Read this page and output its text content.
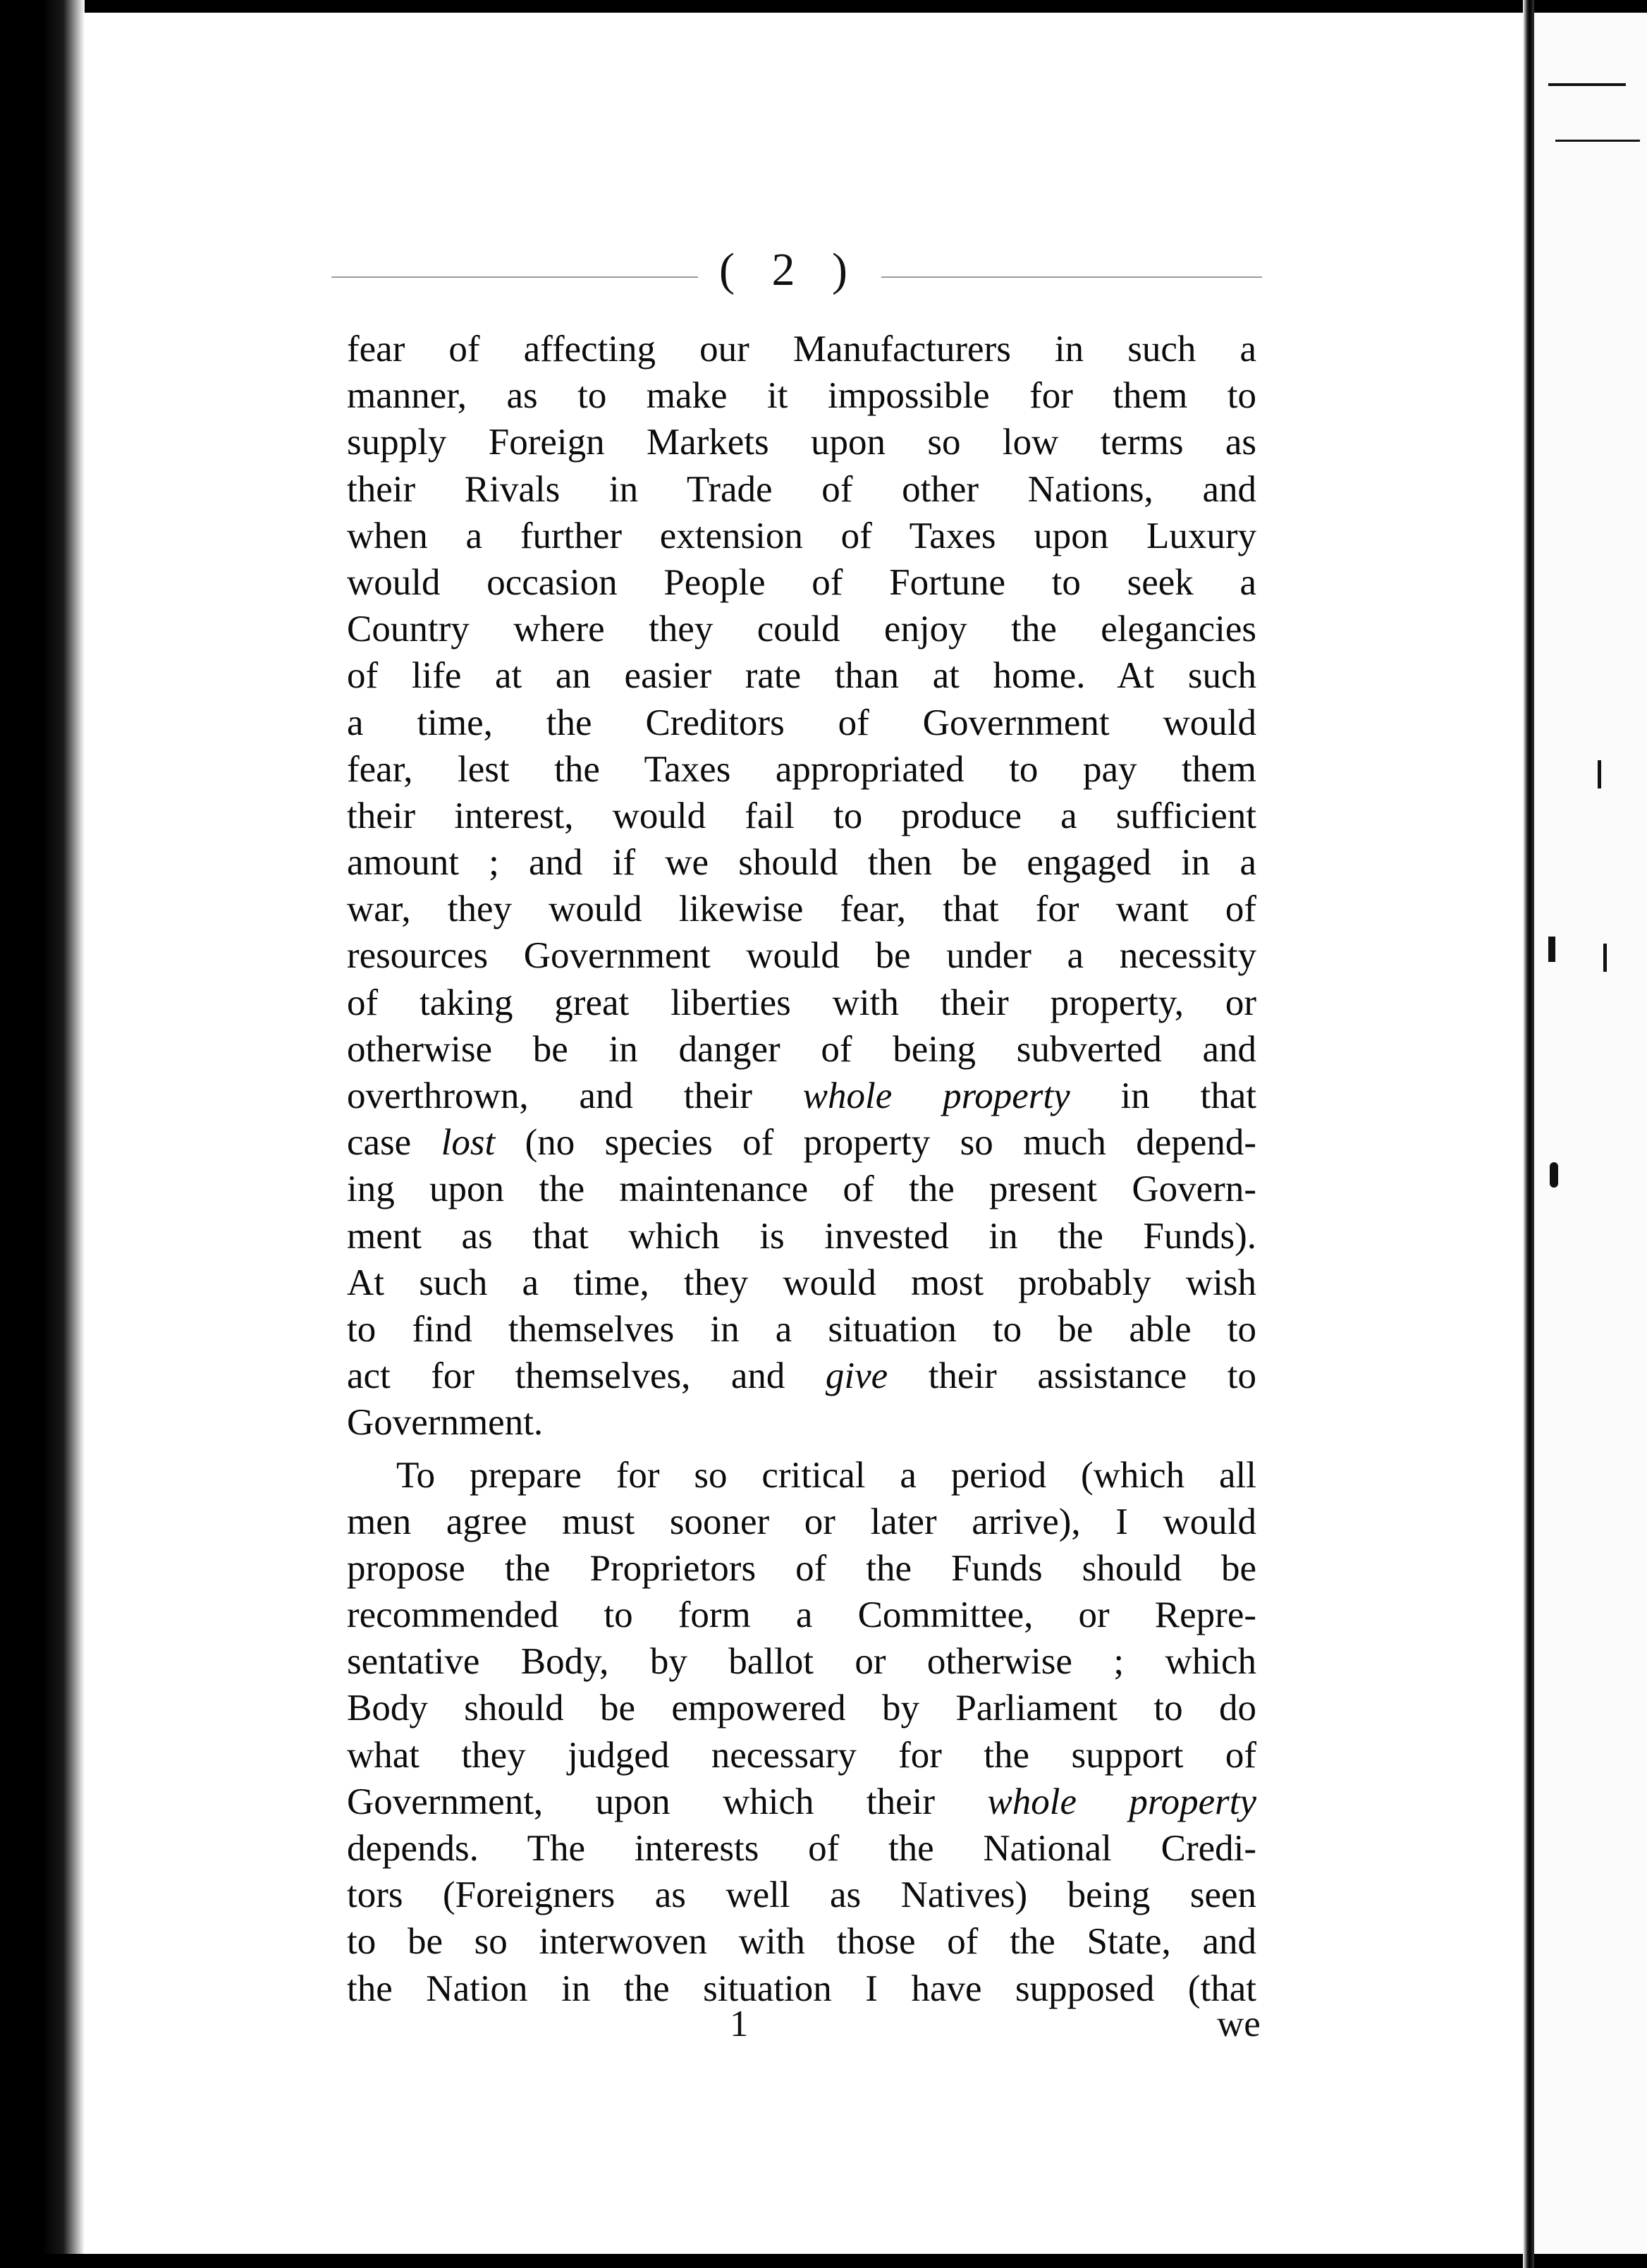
( 2 )
fear of affecting our Manufacturers in such a
manner, as to make it impossible for them to
supply Foreign Markets upon so low terms as
their Rivals in Trade of other Nations, and
when a further extension of Taxes upon Luxury
would occasion People of Fortune to seek a
Country where they could enjoy the elegancies
of life at an easier rate than at home. At such
a time, the Creditors of Government would
fear, lest the Taxes appropriated to pay them
their interest, would fail to produce a sufficient
amount ; and if we should then be engaged in a
war, they would likewise fear, that for want of
resources Government would be under a necessity
of taking great liberties with their property, or
otherwise be in danger of being subverted and
overthrown, and their whole property in that
case lost (no species of property so much depend-
ing upon the maintenance of the present Govern-
ment as that which is invested in the Funds).
At such a time, they would most probably wish
to find themselves in a situation to be able to
act for themselves, and give their assistance to
Government.
To prepare for so critical a period (which all
men agree must sooner or later arrive), I would
propose the Proprietors of the Funds should be
recommended to form a Committee, or Repre-
sentative Body, by ballot or otherwise ; which
Body should be empowered by Parliament to do
what they judged necessary for the support of
Government, upon which their whole property
depends. The interests of the National Credi-
tors (Foreigners as well as Natives) being seen
to be so interwoven with those of the State, and
the Nation in the situation I have supposed (that
1	we
